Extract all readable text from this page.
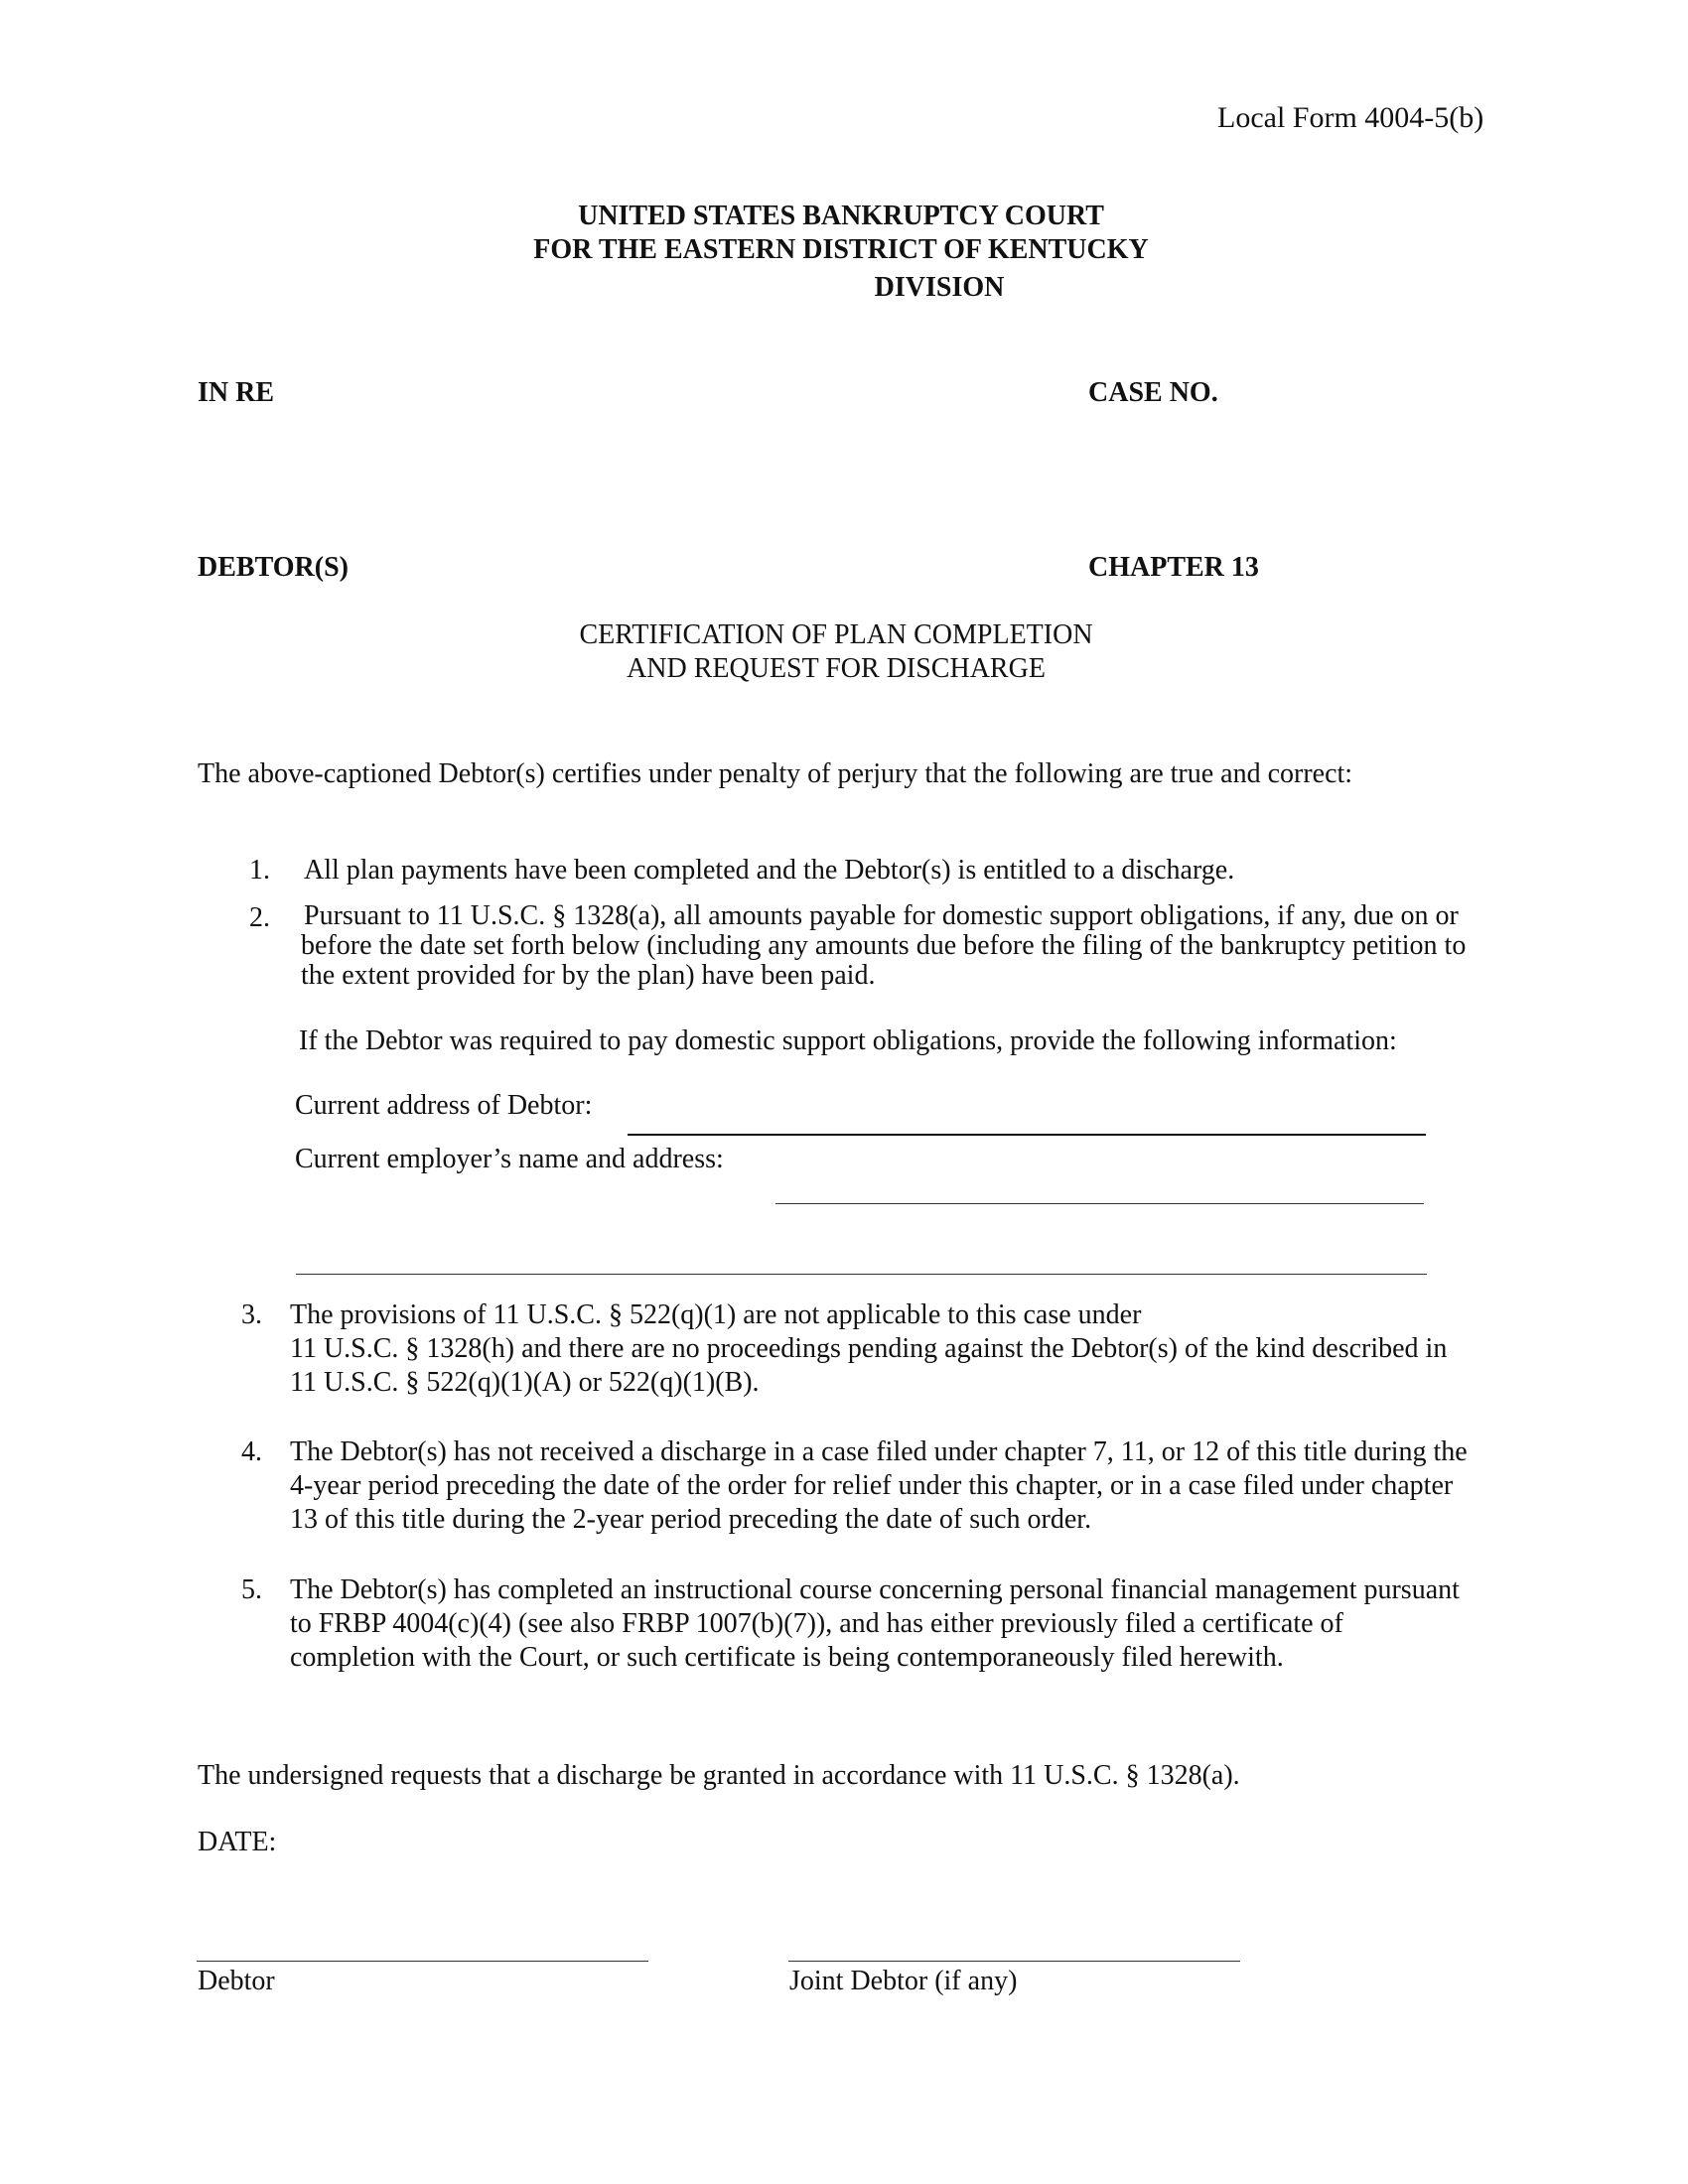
Local Form 4004-5(b)
UNITED STATES BANKRUPTCY COURT
FOR THE EASTERN DISTRICT OF KENTUCKY
DIVISION
IN RE	CASE NO.
DEBTOR(S)	CHAPTER 13
CERTIFICATION OF PLAN COMPLETION
AND REQUEST FOR DISCHARGE
The above-captioned Debtor(s) certifies under penalty of perjury that the following are true and correct:
1. All plan payments have been completed and the Debtor(s) is entitled to a discharge.
2. Pursuant to 11 U.S.C. § 1328(a), all amounts payable for domestic support obligations, if any, due on or
before the date set forth below (including any amounts due before the filing of the bankruptcy petition to
the extent provided for by the plan) have been paid.
If the Debtor was required to pay domestic support obligations, provide the following information:
Current address of Debtor:
Current employer’s name and address:
3. The provisions of 11 U.S.C. § 522(q)(1) are not applicable to this case under
11 U.S.C. § 1328(h) and there are no proceedings pending against the Debtor(s) of the kind described in
11 U.S.C. § 522(q)(1)(A) or 522(q)(1)(B).
4. The Debtor(s) has not received a discharge in a case filed under chapter 7, 11, or 12 of this title during the
4-year period preceding the date of the order for relief under this chapter, or in a case filed under chapter
13 of this title during the 2-year period preceding the date of such order.
5. The Debtor(s) has completed an instructional course concerning personal financial management pursuant
to FRBP 4004(c)(4) (see also FRBP 1007(b)(7)), and has either previously filed a certificate of
completion with the Court, or such certificate is being contemporaneously filed herewith.
The undersigned requests that a discharge be granted in accordance with 11 U.S.C. § 1328(a).
DATE:
Debtor	Joint Debtor (if any)
